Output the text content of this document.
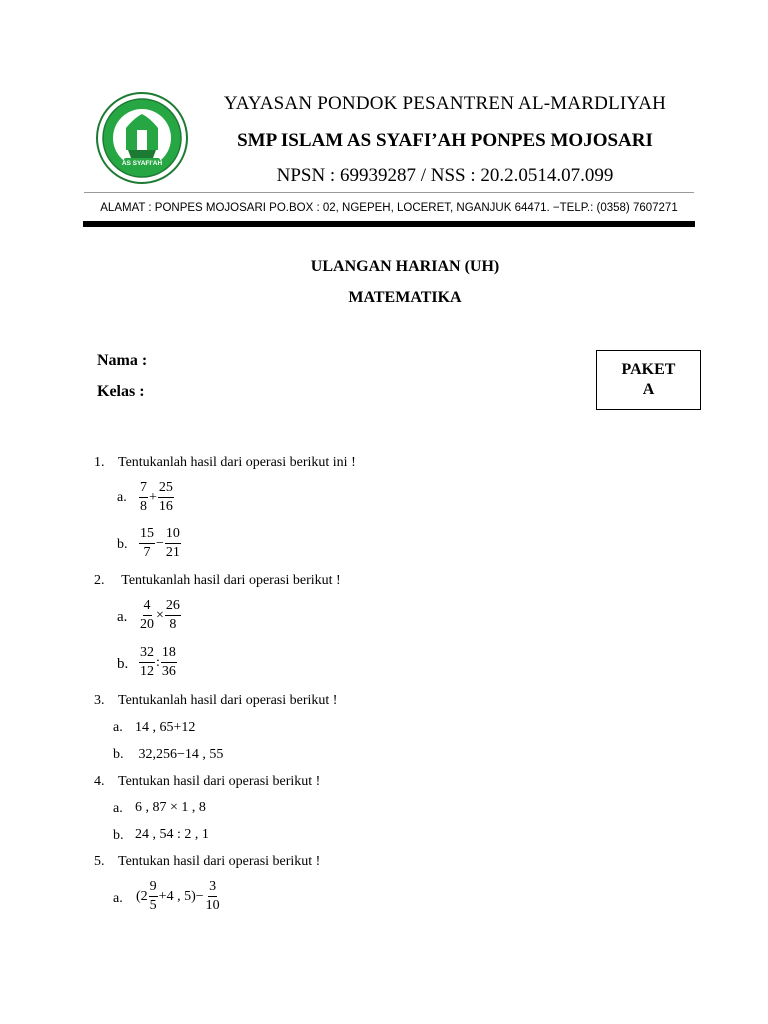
AS SYAFI'AH
YAYASAN PONDOK PESANTREN AL-MARDLIYAH
SMP ISLAM AS SYAFI’AH PONPES MOJOSARI
NPSN : 69939287 / NSS : 20.2.0514.07.099
ALAMAT : PONPES MOJOSARI PO.BOX : 02, NGEPEH, LOCERET, NGANJUK 64471. −TELP.: (0358) 7607271
ULANGAN HARIAN (UH)
MATEMATIKA
Nama :
Kelas :
PAKET
A
1. Tentukanlah hasil dari operasi berikut ini !
a. $\frac{7}{8} + \frac{25}{16}$
b. $\frac{15}{7} - \frac{10}{21}$
2. Tentukanlah hasil dari operasi berikut !
a. $\frac{4}{20} \times \frac{26}{8}$
b. $\frac{32}{12}$ : $\frac{18}{36}$
3. Tentukanlah hasil dari operasi berikut !
a. 14 , 65+12
b. 32,256−14 , 55
4. Tentukan hasil dari operasi berikut !
a. 6 , 87 × 1 , 8
b. 24 , 54 : 2 , 1
5. Tentukan hasil dari operasi berikut !
a. ($2 \frac{9}{5} +4$ , $5)- \frac{3}{10}$
